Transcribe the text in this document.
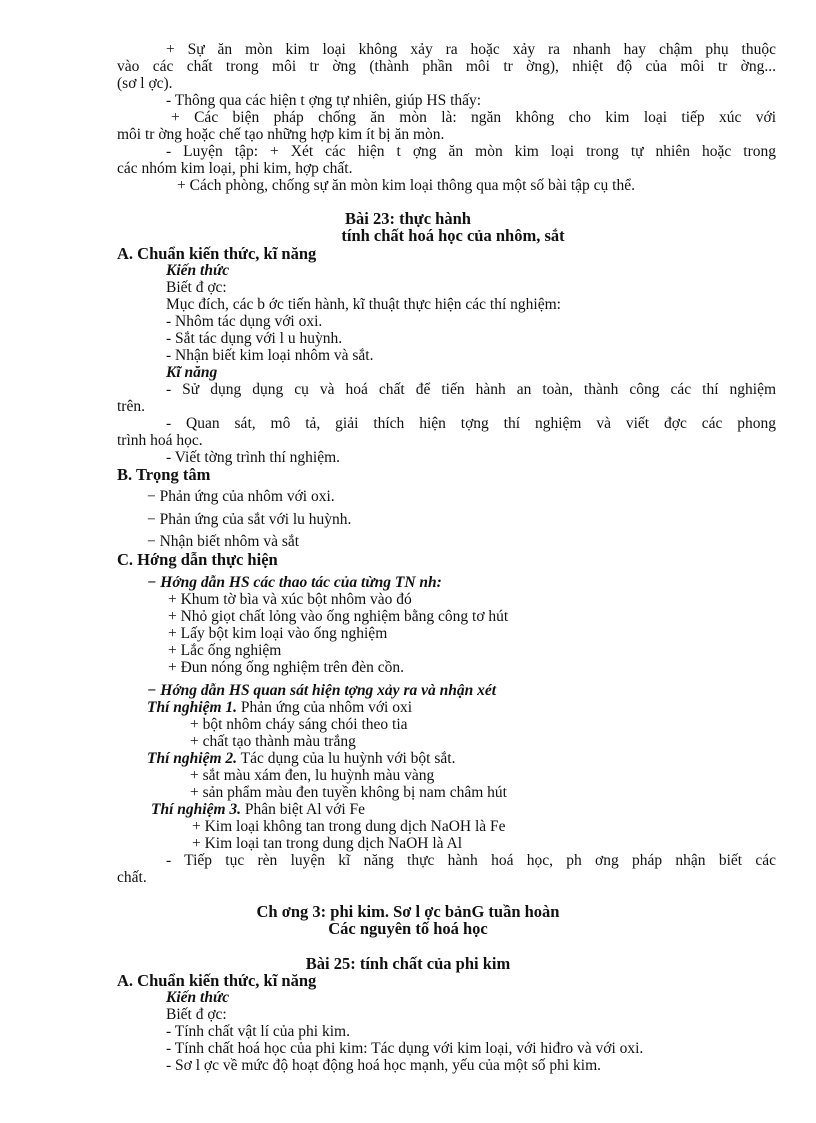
+ Sự ăn mòn kim loại không xảy ra hoặc xảy ra nhanh hay chậm phụ thuộc
vào các chất trong môi tr ờng (thành phần môi tr ờng), nhiệt độ của môi tr ờng...
(sơ l ợc).
- Thông qua các hiện t ợng tự nhiên, giúp HS thấy:
+ Các biện pháp chống ăn mòn là: ngăn không cho kim loại tiếp xúc với
môi tr ờng hoặc chế tạo những hợp kim ít bị ăn mòn.
- Luyện tập: + Xét các hiện t ợng ăn mòn kim loại trong tự nhiên hoặc trong
các nhóm kim loại, phi kim, hợp chất.
+ Cách phòng, chống sự ăn mòn kim loại thông qua một số bài tập cụ thể.
Bài 23: thực hành
tính chất hoá học của nhôm, sắt
A. Chuẩn kiến thức, kĩ năng
Kiến thức
Biết đ ợc:
Mục đích, các b ớc tiến hành, kĩ thuật thực hiện các thí nghiệm:
- Nhôm tác dụng với oxi.
- Sắt tác dụng với l u huỳnh.
- Nhận biết kim loại nhôm và sắt.
Kĩ năng
- Sử dụng dụng cụ và hoá chất để tiến hành an toàn, thành công các thí nghiệm
trên.
- Quan sát, mô tả, giải thích hiện tợng thí nghiệm và viết đợc các phong
trình hoá học.
- Viết tờng trình thí nghiệm.
B. Trọng tâm
− Phản ứng của nhôm với oxi.
− Phản ứng của sắt với lu huỳnh.
− Nhận biết nhôm và sắt
C. Hớng dẫn thực hiện
− Hớng dẫn HS các thao tác của từng TN nh:
+ Khum tờ bìa và xúc bột nhôm vào đó
+ Nhỏ giọt chất lỏng vào ống nghiệm bằng công tơ hút
+ Lấy bột kim loại vào ống nghiệm
+ Lắc ống nghiệm
+ Đun nóng ống nghiệm trên đèn cồn.
− Hớng dẫn HS quan sát hiện tợng xảy ra và nhận xét
Thí nghiệm 1. Phản ứng của nhôm với oxi
+ bột nhôm cháy sáng chói theo tia
+ chất tạo thành màu trắng
Thí nghiệm 2. Tác dụng của lu huỳnh với bột sắt.
+ sắt màu xám đen, lu huỳnh màu vàng
+ sản phẩm màu đen tuyền không bị nam châm hút
Thí nghiệm 3. Phân biệt Al với Fe
+ Kim loại không tan trong dung dịch NaOH là Fe
+ Kim loại tan trong dung dịch NaOH là Al
- Tiếp tục rèn luyện kĩ năng thực hành hoá học, ph ơng pháp nhận biết các
chất.
Ch ơng 3: phi kim. Sơ l ợc bảnG tuần hoàn
Các nguyên tố hoá học
Bài 25: tính chất của phi kim
A. Chuẩn kiến thức, kĩ năng
Kiến thức
Biết đ ợc:
- Tính chất vật lí của phi kim.
- Tính chất hoá học của phi kim: Tác dụng với kim loại, với hiđro và với oxi.
- Sơ l ợc về mức độ hoạt động hoá học mạnh, yếu của một số phi kim.
